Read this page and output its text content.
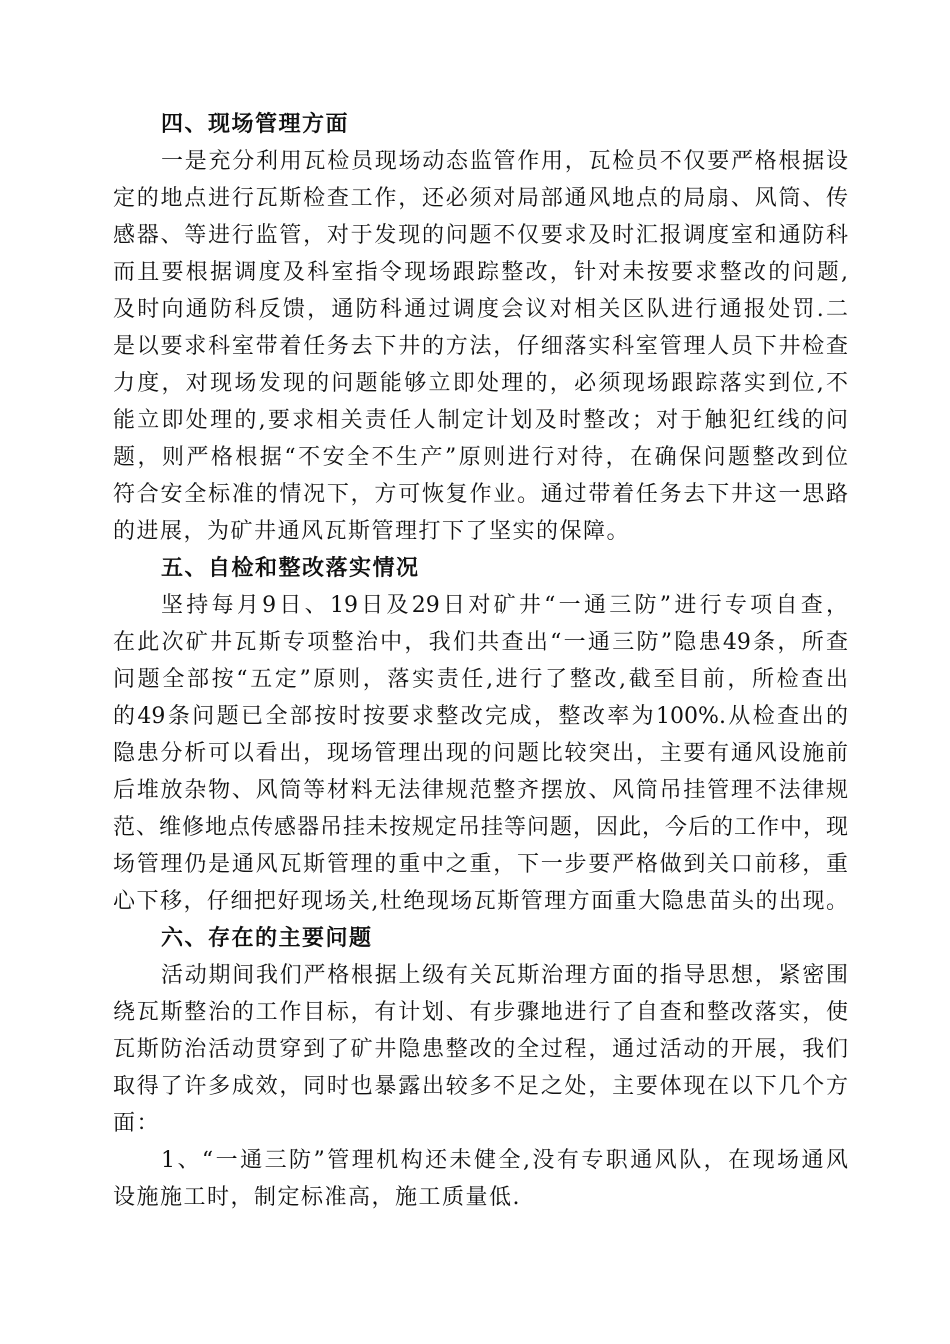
四、现场管理方面
一是充分利用瓦检员现场动态监管作用，瓦检员不仅要严格根据设
定的地点进行瓦斯检查工作，还必须对局部通风地点的局扇、风筒、传
感器、等进行监管，对于发现的问题不仅要求及时汇报调度室和通防科
而且要根据调度及科室指令现场跟踪整改，针对未按要求整改的问题,
及时向通防科反馈，通防科通过调度会议对相关区队进行通报处罚.二
是以要求科室带着任务去下井的方法，仔细落实科室管理人员下井检查
力度，对现场发现的问题能够立即处理的，必须现场跟踪落实到位,不
能立即处理的,要求相关责任人制定计划及时整改；对于触犯红线的问
题，则严格根据“不安全不生产”原则进行对待，在确保问题整改到位
符合安全标准的情况下，方可恢复作业。通过带着任务去下井这一思路
的进展，为矿井通风瓦斯管理打下了坚实的保障。
五、自检和整改落实情况
坚持每月9日、19日及29日对矿井“一通三防”进行专项自查，
在此次矿井瓦斯专项整治中，我们共查出“一通三防”隐患49条，所查
问题全部按“五定”原则，落实责任,进行了整改,截至目前，所检查出
的49条问题已全部按时按要求整改完成，整改率为100%.从检查出的
隐患分析可以看出，现场管理出现的问题比较突出，主要有通风设施前
后堆放杂物、风筒等材料无法律规范整齐摆放、风筒吊挂管理不法律规
范、维修地点传感器吊挂未按规定吊挂等问题，因此，今后的工作中，现
场管理仍是通风瓦斯管理的重中之重，下一步要严格做到关口前移，重
心下移，仔细把好现场关,杜绝现场瓦斯管理方面重大隐患苗头的出现。
六、存在的主要问题
活动期间我们严格根据上级有关瓦斯治理方面的指导思想，紧密围
绕瓦斯整治的工作目标，有计划、有步骤地进行了自查和整改落实，使
瓦斯防治活动贯穿到了矿井隐患整改的全过程，通过活动的开展，我们
取得了许多成效，同时也暴露出较多不足之处，主要体现在以下几个方
面：
1、“一通三防”管理机构还未健全,没有专职通风队，在现场通风
设施施工时，制定标准高，施工质量低.
